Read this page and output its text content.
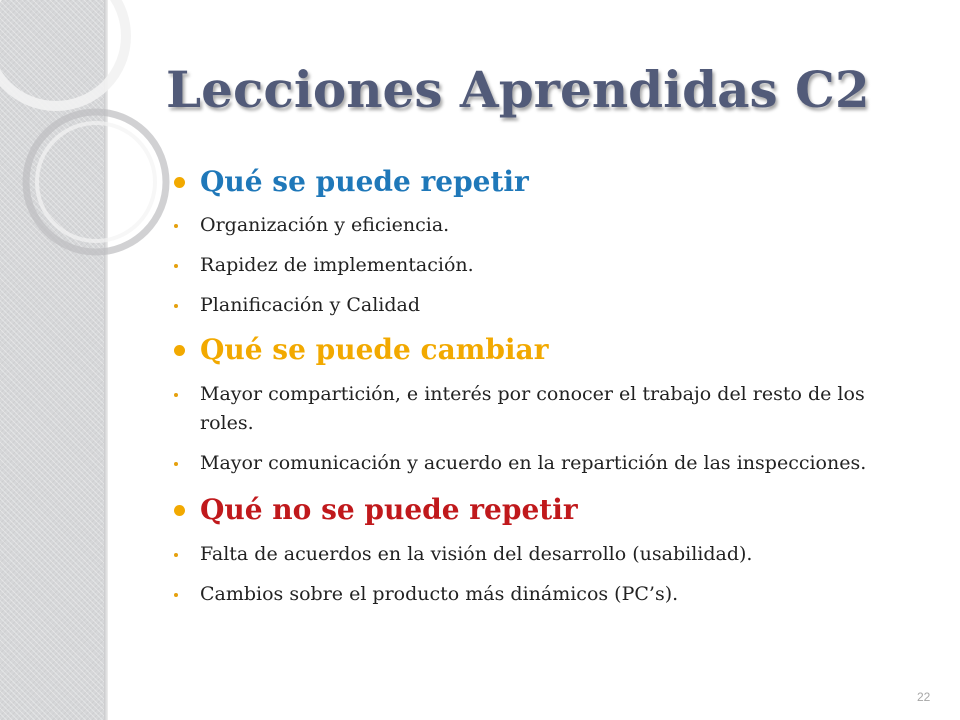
Lecciones Aprendidas C2
Qué se puede repetir
Organización y eficiencia.
Rapidez de implementación.
Planificación y Calidad
Qué se puede cambiar
Mayor compartición, e interés por conocer el trabajo del resto de los roles.
Mayor comunicación y acuerdo en la repartición de las inspecciones.
Qué no se puede repetir
Falta de acuerdos en la visión del desarrollo (usabilidad).
Cambios sobre el producto más dinámicos (PC’s).
22
